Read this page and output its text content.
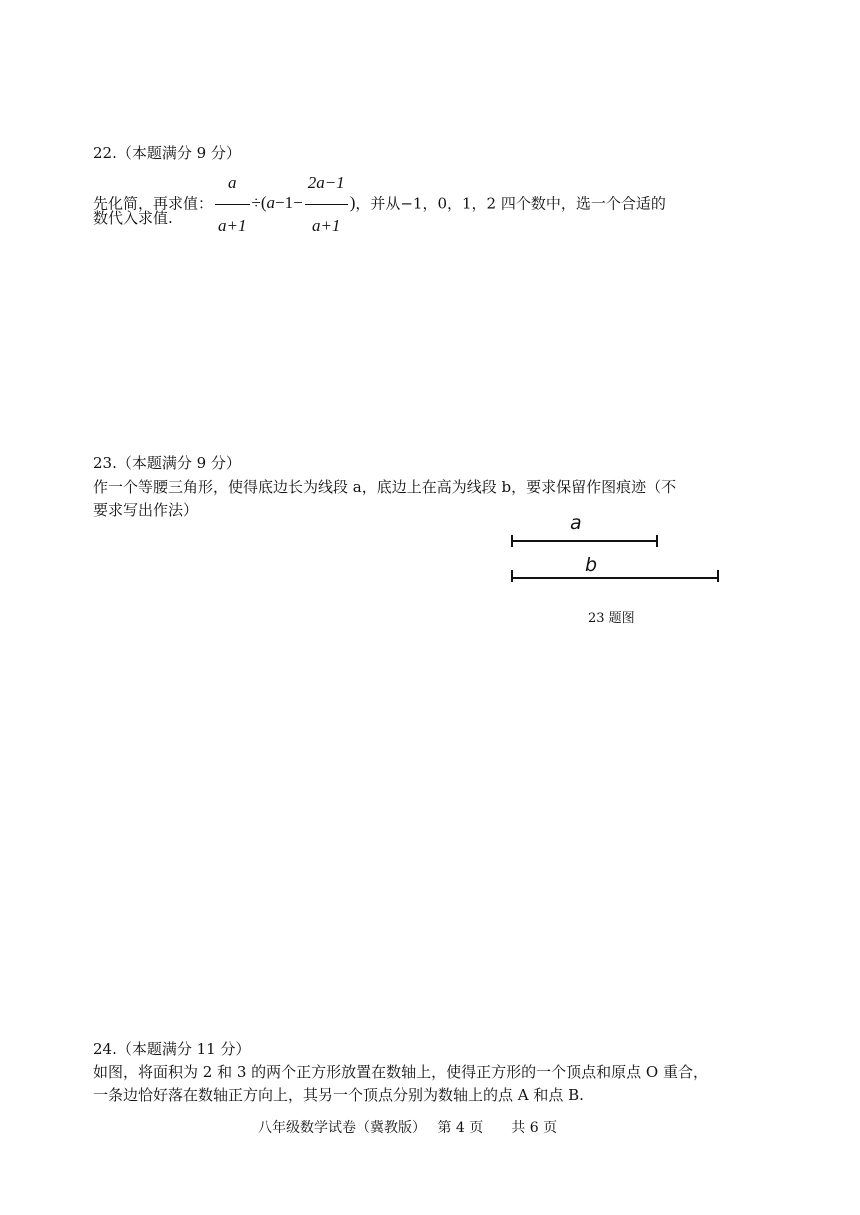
22.（本题满分 9 分）
先化简，再求值： $\frac{a}{a+1} \div(a-1- \frac{2a-1}{a+1}$ )，并从−1，0，1，2 四个数中，选一个合适的
数代入求值.
23.（本题满分 9 分）
作一个等腰三角形，使得底边长为线段 a，底边上在高为线段 b，要求保留作图痕迹（不
要求写出作法）
a
b
23 题图
24.（本题满分 11 分）
如图，将面积为 2 和 3 的两个正方形放置在数轴上，使得正方形的一个顶点和原点 O 重合，
一条边恰好落在数轴正方向上，其另一个顶点分别为数轴上的点 A 和点 B.
八年级数学试卷（冀教版）　 第 4 页　　共 6 页
